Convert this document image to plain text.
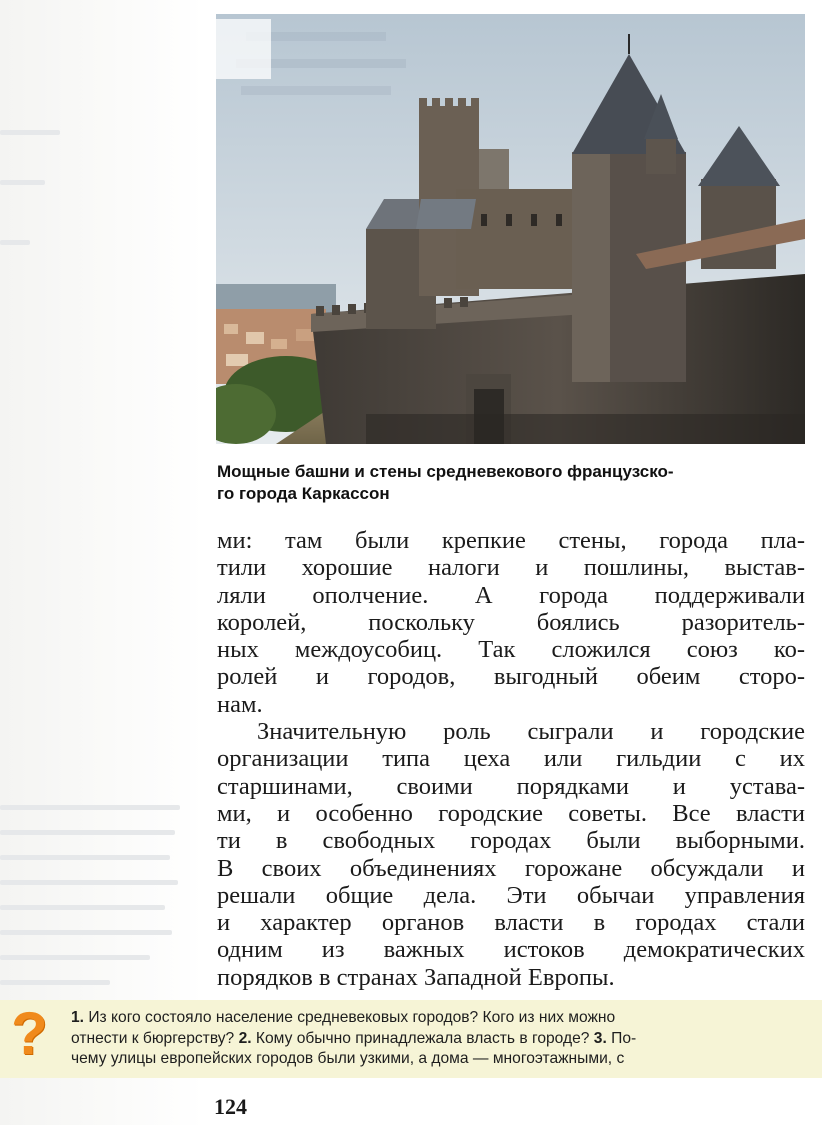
Мощные башни и стены средневекового французско-
го города Каркассон
ми: там были крепкие стены, города пла-
тили хорошие налоги и пошлины, выстав-
ляли ополчение. А города поддерживали
королей, поскольку боялись разоритель-
ных междоусобиц. Так сложился союз ко-
ролей и городов, выгодный обеим сторо-
нам.
Значительную роль сыграли и городские
организации типа цеха или гильдии с их
старшинами, своими порядками и устава-
ми, и особенно городские советы. Все власти
ти в свободных городах были выборными.
В своих объединениях горожане обсуждали и
решали общие дела. Эти обычаи управления
и характер органов власти в городах стали
одним из важных истоков демократических
порядков в странах Западной Европы.
?	1. Из кого состояло население средневековых городов? Кого из них можно
отнести к бюргерству? 2. Кому обычно принадлежала власть в городе? 3. По-
чему улицы европейских городов были узкими, а дома — многоэтажными, с
124
